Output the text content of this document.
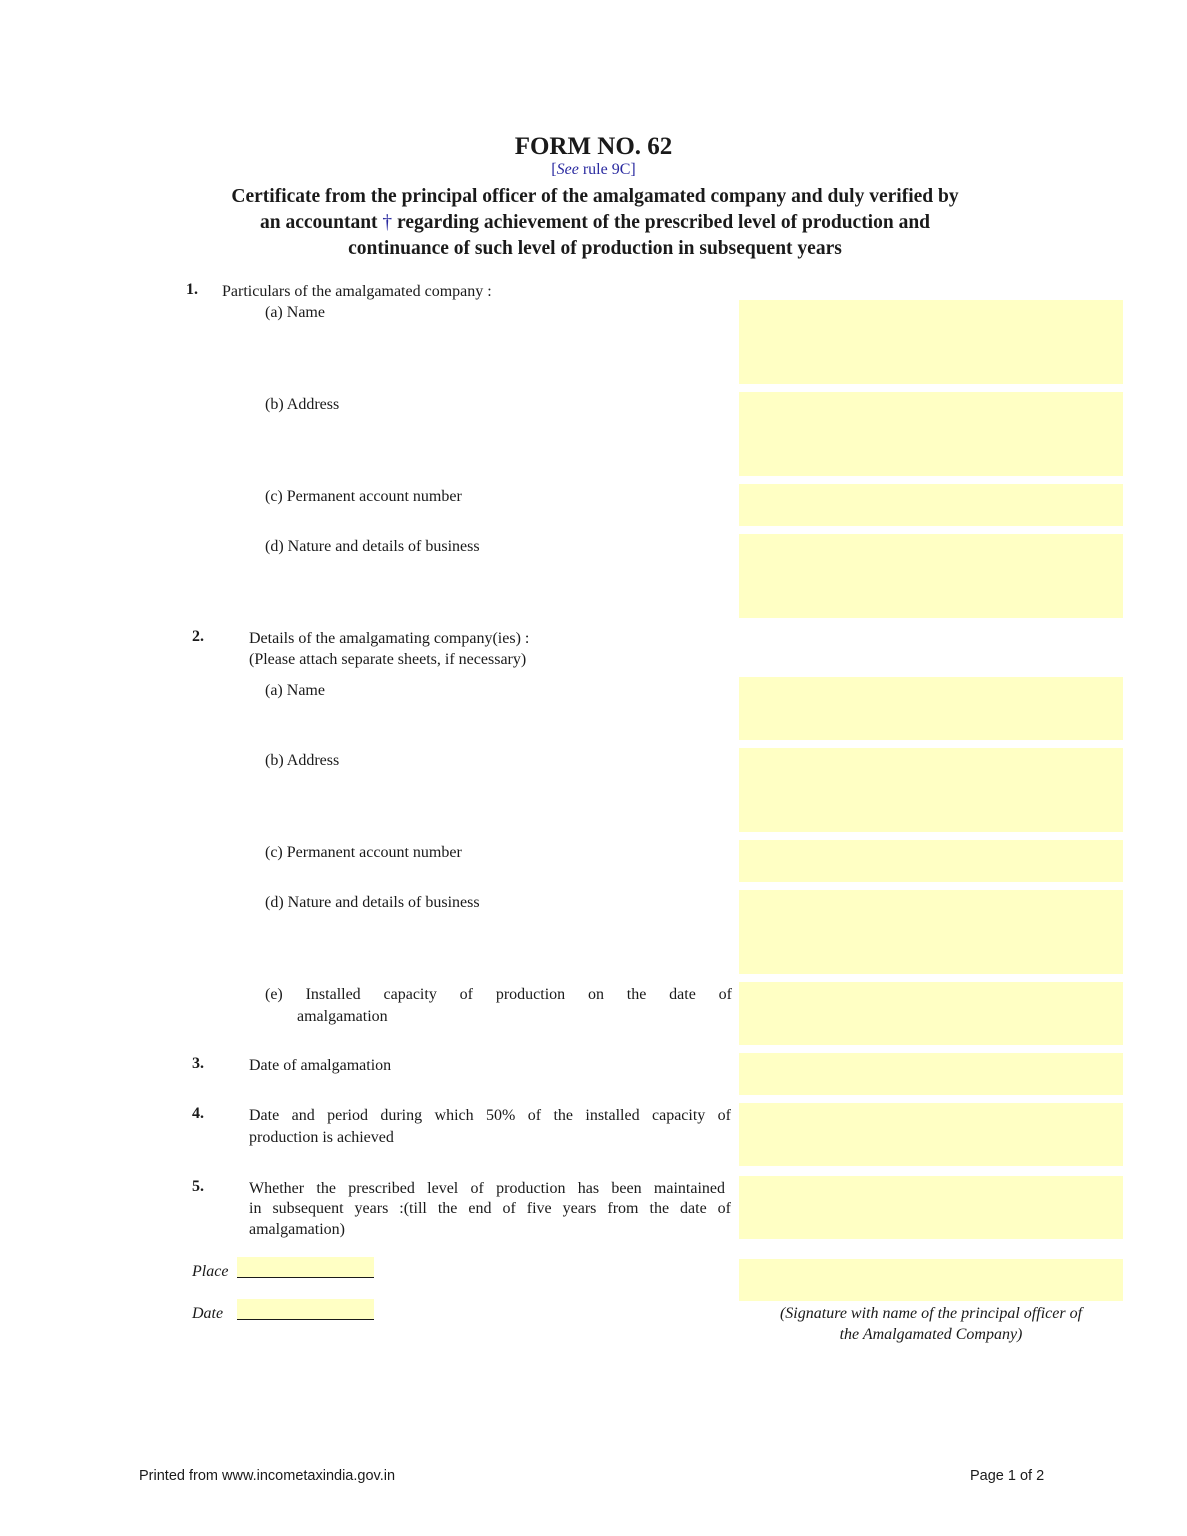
FORM NO. 62
[See rule 9C]
Certificate from the principal officer of the amalgamated company and duly verified by
an accountant † regarding achievement of the prescribed level of production and
continuance of such level of production in subsequent years
1. Particulars of the amalgamated company :
(a) Name
(b) Address
(c) Permanent account number
(d) Nature and details of business
2.	Details of the amalgamating company(ies) :
(Please attach separate sheets, if necessary)
(a) Name
(b) Address
(c) Permanent account number
(d) Nature and details of business
(e) Installed capacity of production on the date of
amalgamation
3.	Date of amalgamation
4.	Date and period during which 50% of the installed capacity of
production is achieved
5.	Whether the prescribed level of production has been maintained
in subsequent years :(till the end of five years from the date of
amalgamation)
Place
Date	(Signature with name of the principal officer of
the Amalgamated Company)
Printed from www.incometaxindia.gov.in	Page 1 of 2
